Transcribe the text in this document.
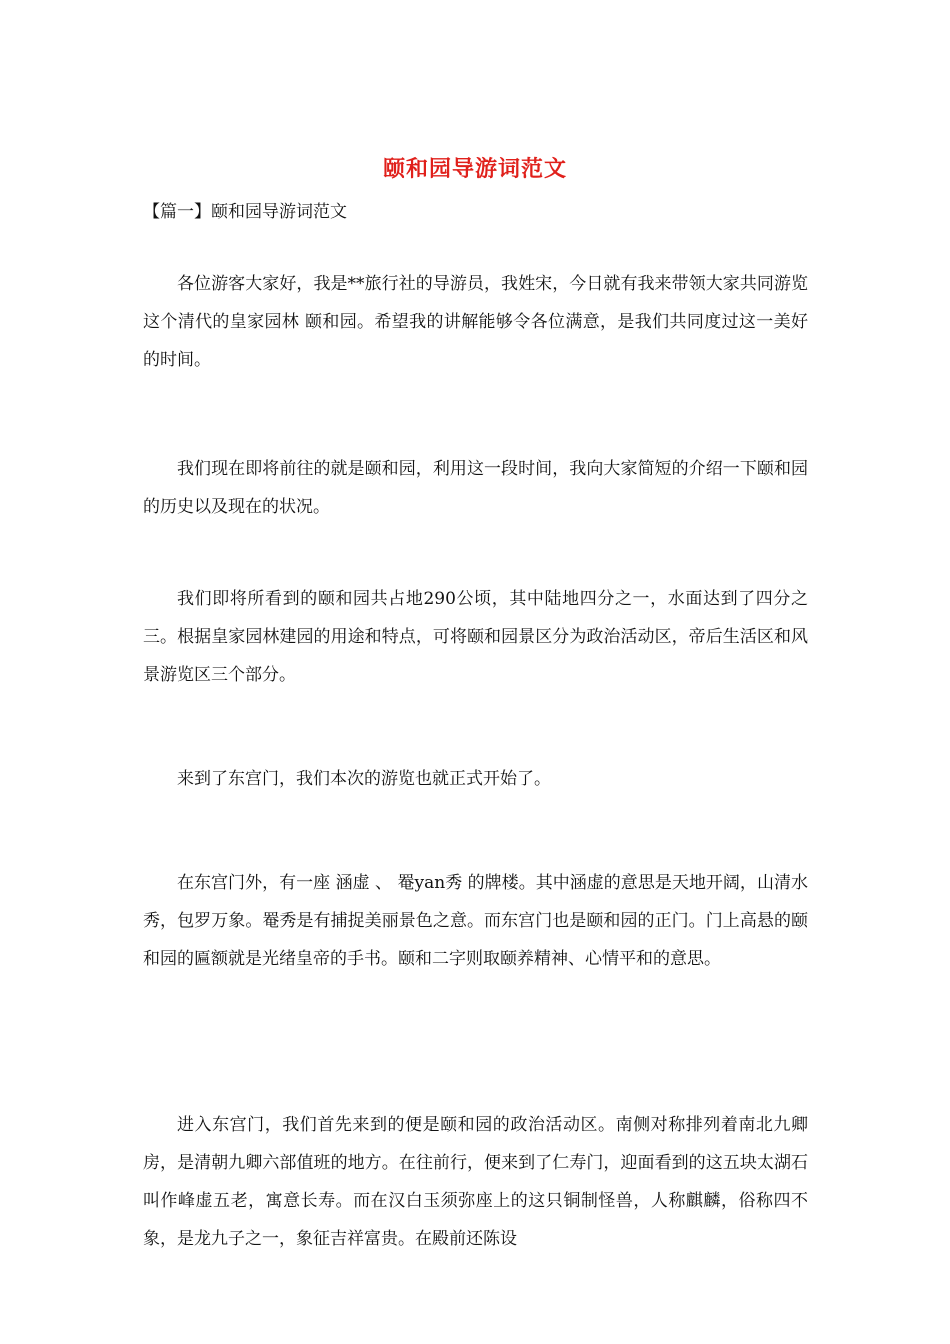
颐和园导游词范文
【篇一】颐和园导游词范文

各位游客大家好，我是**旅行社的导游员，我姓宋，今日就有我来带领大家共同游览这个清代的皇家园林 颐和园。希望我的讲解能够令各位满意，是我们共同度过这一美好的时间。

我们现在即将前往的就是颐和园，利用这一段时间，我向大家简短的介绍一下颐和园的历史以及现在的状况。

我们即将所看到的颐和园共占地290公顷，其中陆地四分之一，水面达到了四分之三。根据皇家园林建园的用途和特点，可将颐和园景区分为政治活动区，帝后生活区和风景游览区三个部分。

来到了东宫门，我们本次的游览也就正式开始了。

在东宫门外，有一座 涵虚 、 罨yan秀 的牌楼。其中涵虚的意思是天地开阔，山清水秀，包罗万象。罨秀是有捕捉美丽景色之意。而东宫门也是颐和园的正门。门上高悬的颐和园的匾额就是光绪皇帝的手书。颐和二字则取颐养精神、心情平和的意思。

进入东宫门，我们首先来到的便是颐和园的政治活动区。南侧对称排列着南北九卿房，是清朝九卿六部值班的地方。在往前行，便来到了仁寿门，迎面看到的这五块太湖石叫作峰虚五老，寓意长寿。而在汉白玉须弥座上的这只铜制怪兽，人称麒麟，俗称四不象，是龙九子之一，象征吉祥富贵。在殿前还陈设
